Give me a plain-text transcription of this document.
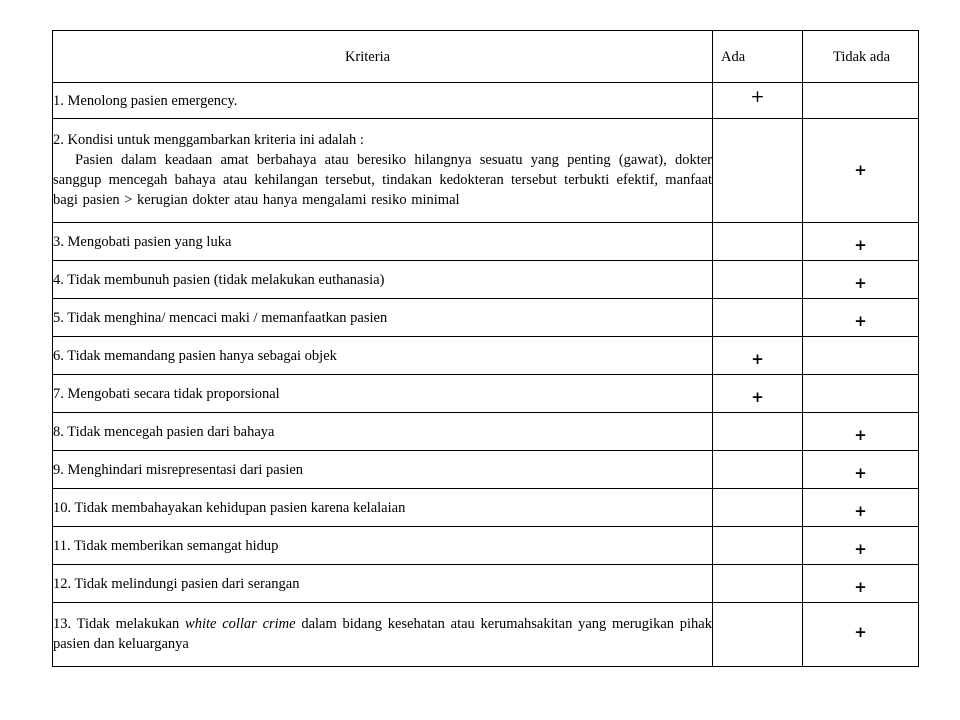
Kriteria	Ada	Tidak ada

1. Menolong pasien emergency.	+	

2. Kondisi untuk menggambarkan kriteria ini adalah :
Pasien dalam keadaan amat berbahaya atau beresiko hilangnya sesuatu yang penting (gawat), dokter sanggup mencegah bahaya atau kehilangan tersebut, tindakan kedokteran tersebut terbukti efektif, manfaat bagi pasien > kerugian dokter atau hanya mengalami resiko minimal		+

3. Mengobati pasien yang luka		+

4. Tidak membunuh pasien (tidak melakukan euthanasia)		+

5. Tidak menghina/ mencaci maki / memanfaatkan pasien		+

6. Tidak memandang pasien hanya sebagai objek	+	

7. Mengobati secara tidak proporsional	+	

8. Tidak mencegah pasien dari bahaya		+

9. Menghindari misrepresentasi dari pasien		+

10. Tidak membahayakan kehidupan pasien karena kelalaian		+

11. Tidak memberikan semangat hidup		+

12. Tidak melindungi pasien dari serangan		+

13. Tidak melakukan white collar crime dalam bidang kesehatan atau kerumahsakitan yang merugikan pihak pasien dan keluarganya		+
